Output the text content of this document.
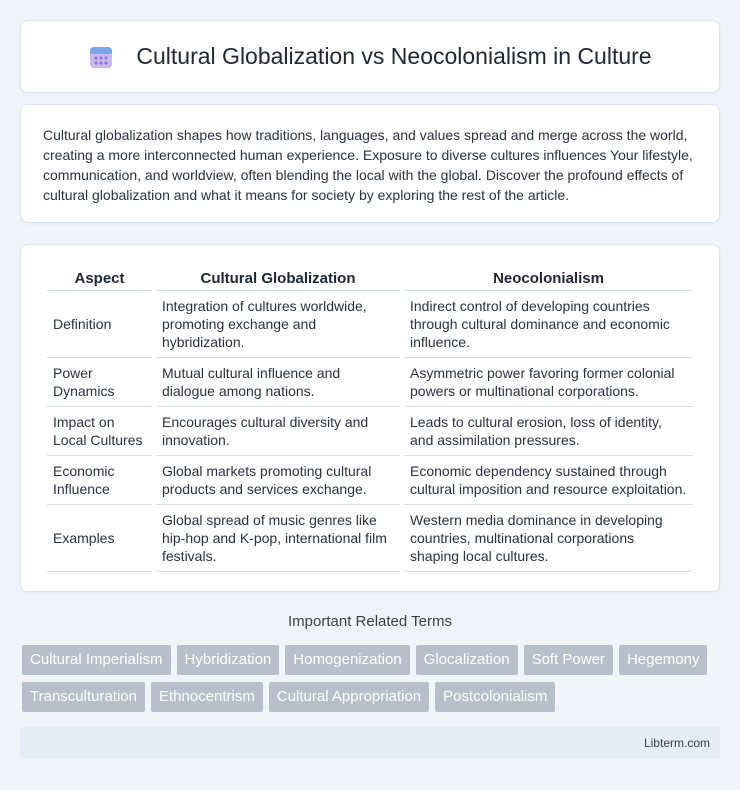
Cultural Globalization vs Neocolonialism in Culture

Cultural globalization shapes how traditions, languages, and values spread and merge across the world, creating a more interconnected human experience. Exposure to diverse cultures influences Your lifestyle, communication, and worldview, often blending the local with the global. Discover the profound effects of cultural globalization and what it means for society by exploring the rest of the article.

Aspect	Cultural Globalization	Neocolonialism
Definition	Integration of cultures worldwide, promoting exchange and hybridization.	Indirect control of developing countries through cultural dominance and economic influence.
Power Dynamics	Mutual cultural influence and dialogue among nations.	Asymmetric power favoring former colonial powers or multinational corporations.
Impact on Local Cultures	Encourages cultural diversity and innovation.	Leads to cultural erosion, loss of identity, and assimilation pressures.
Economic Influence	Global markets promoting cultural products and services exchange.	Economic dependency sustained through cultural imposition and resource exploitation.
Examples	Global spread of music genres like hip-hop and K-pop, international film festivals.	Western media dominance in developing countries, multinational corporations shaping local cultures.
Important Related Terms
Cultural Imperialism	Hybridization	Homogenization	Glocalization	Soft Power	Hegemony
Transculturation	Ethnocentrism	Cultural Appropriation	Postcolonialism
Libterm.com
